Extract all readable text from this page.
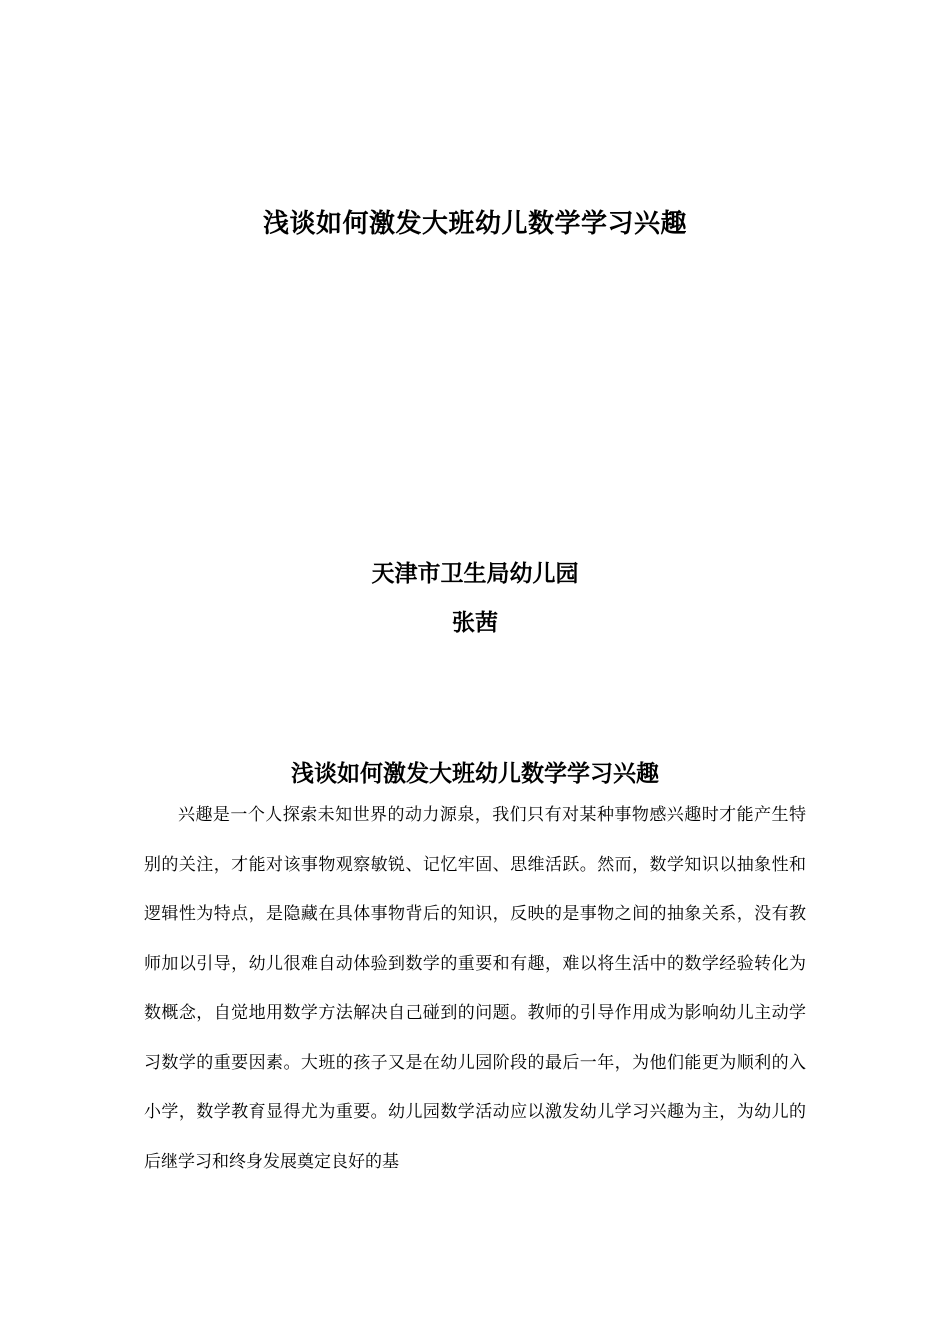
浅谈如何激发大班幼儿数学学习兴趣
天津市卫生局幼儿园
张茜
浅谈如何激发大班幼儿数学学习兴趣

兴趣是一个人探索未知世界的动力源泉，我们只有对某种事物感兴趣时才能产生特别的关注，才能对该事物观察敏锐、记忆牢固、思维活跃。然而，数学知识以抽象性和逻辑性为特点，是隐藏在具体事物背后的知识，反映的是事物之间的抽象关系，没有教师加以引导，幼儿很难自动体验到数学的重要和有趣，难以将生活中的数学经验转化为数概念，自觉地用数学方法解决自己碰到的问题。教师的引导作用成为影响幼儿主动学习数学的重要因素。大班的孩子又是在幼儿园阶段的最后一年，为他们能更为顺利的入小学，数学教育显得尤为重要。幼儿园数学活动应以激发幼儿学习兴趣为主，为幼儿的后继学习和终身发展奠定良好的基
